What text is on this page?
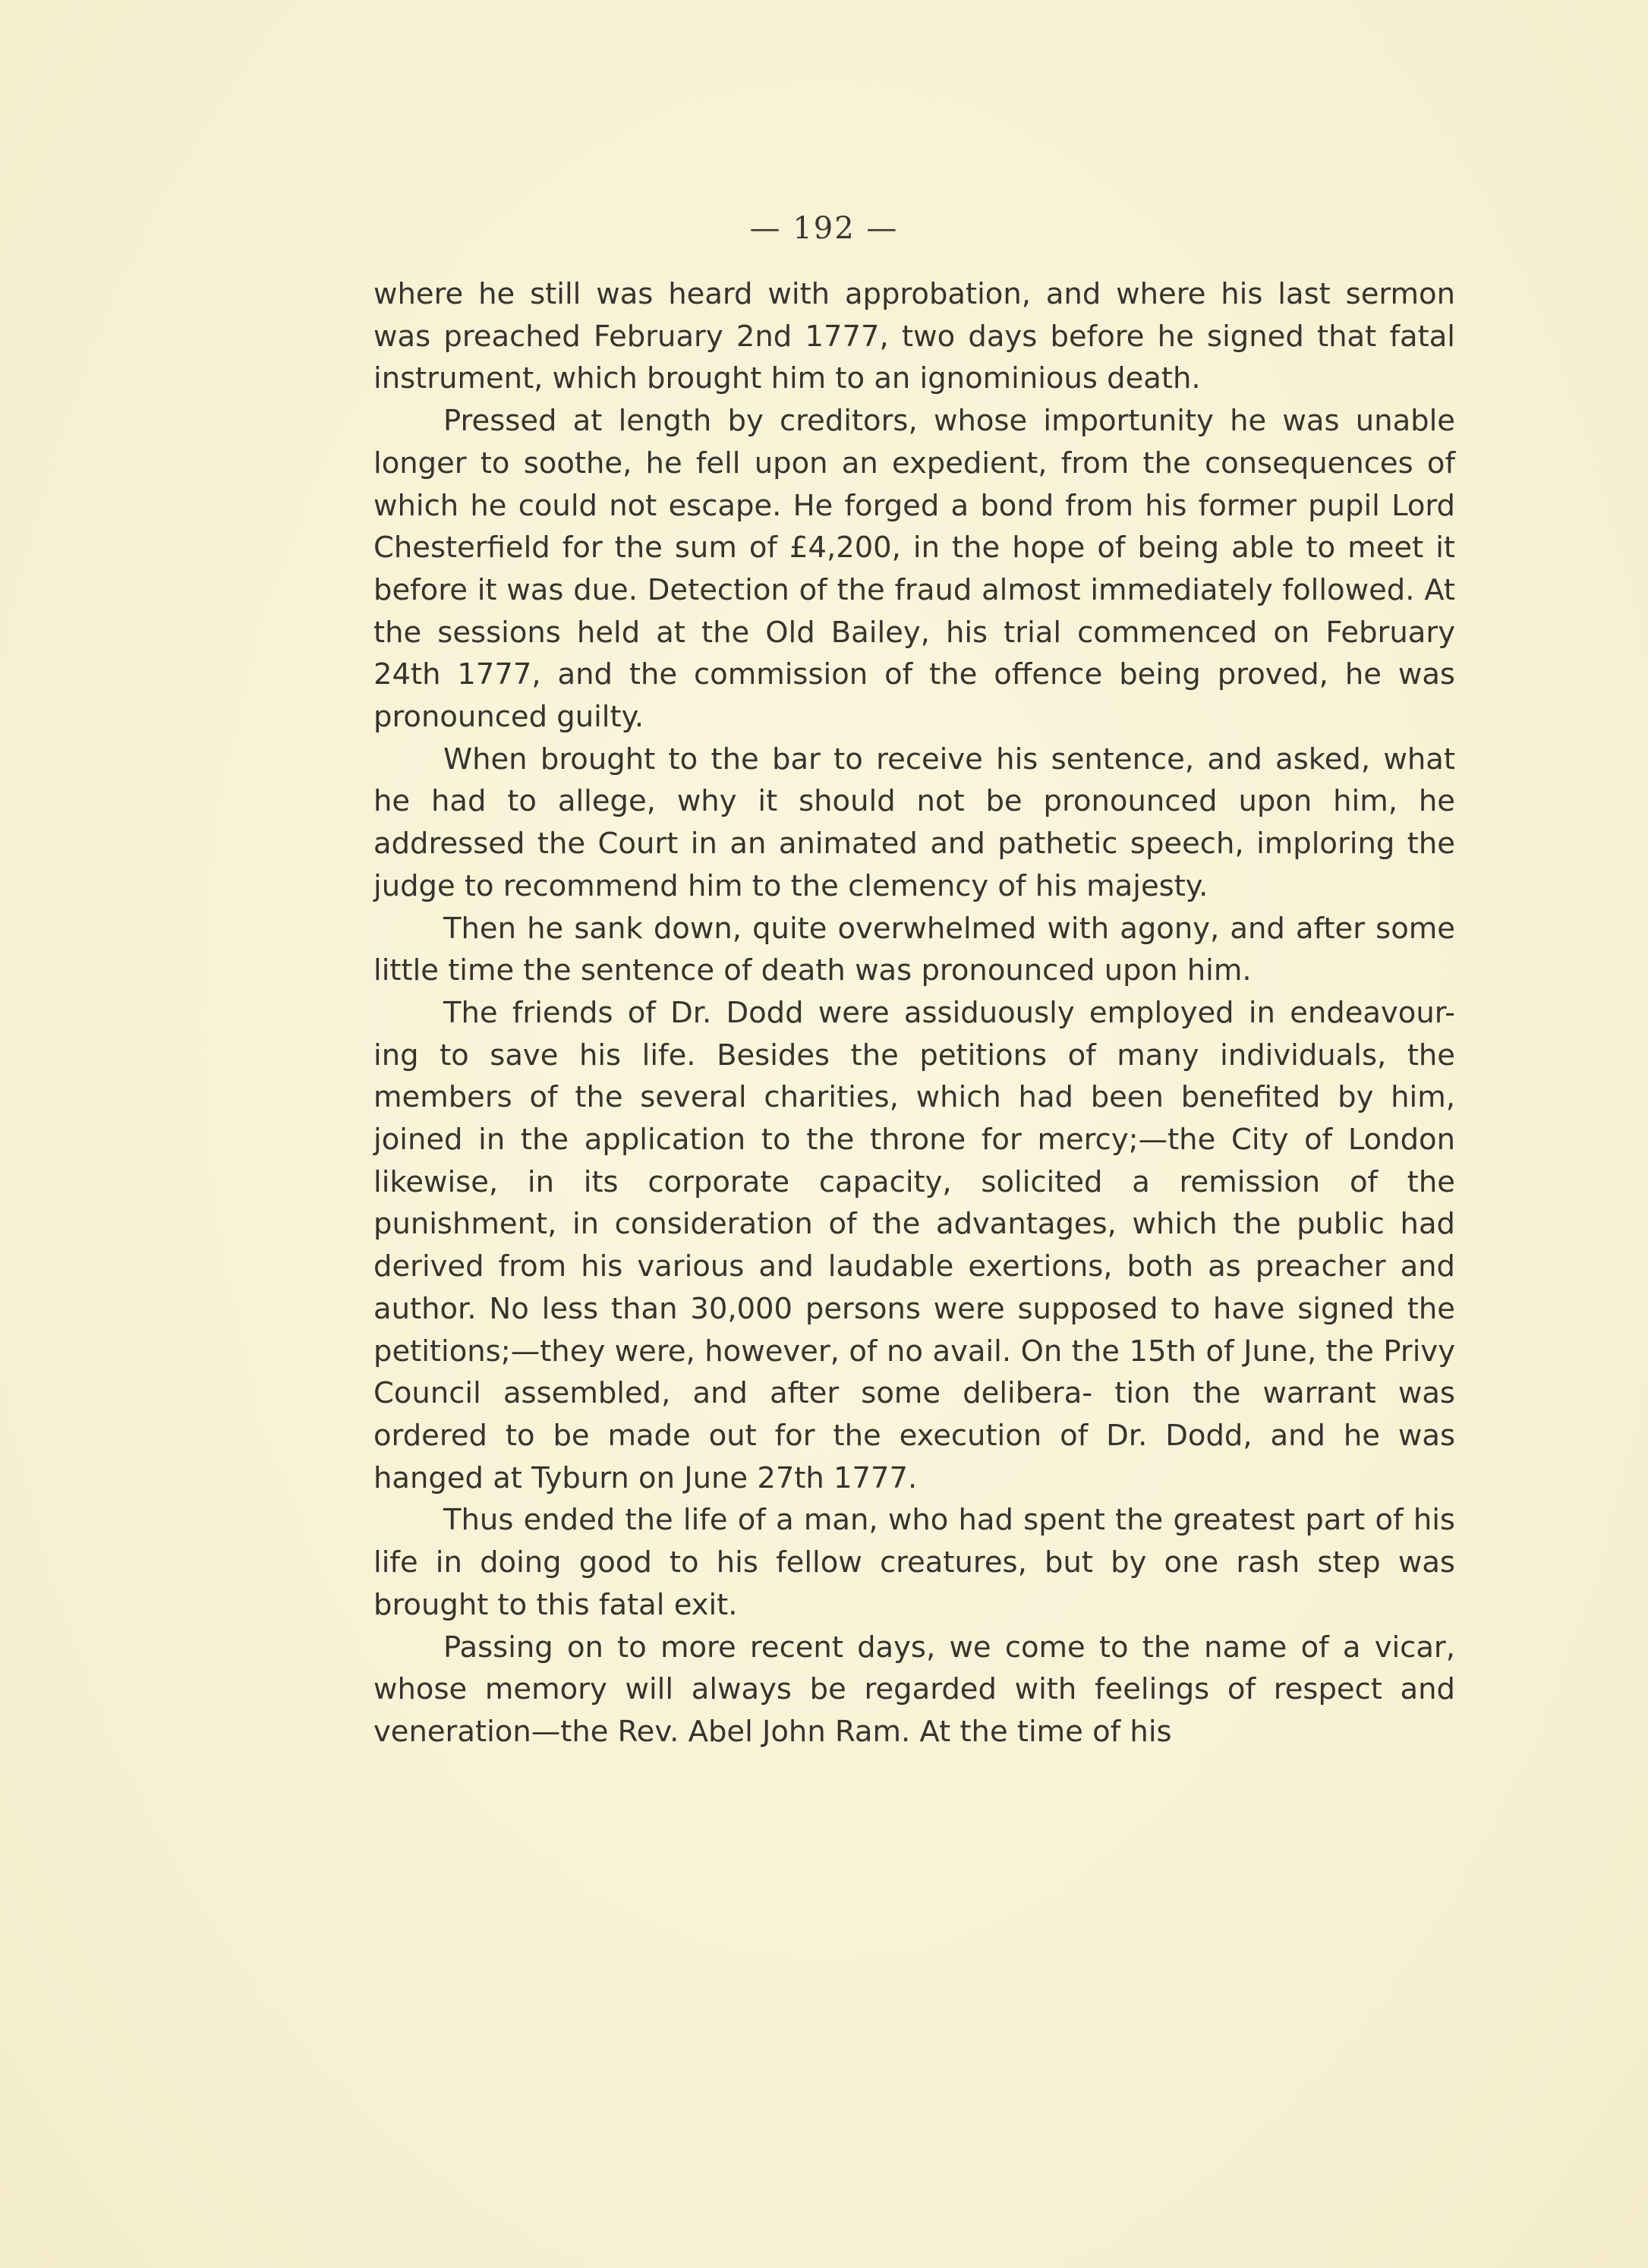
— 192 —

where he still was heard with approbation, and where his last sermon was preached February 2nd 1777, two days before he signed that fatal instrument, which brought him to an ignominious death.

Pressed at length by creditors, whose importunity he was unable longer to soothe, he fell upon an expedient, from the consequences of which he could not escape. He forged a bond from his former pupil Lord Chesterfield for the sum of £4,200, in the hope of being able to meet it before it was due. Detection of the fraud almost immediately followed. At the sessions held at the Old Bailey, his trial commenced on February 24th 1777, and the commission of the offence being proved, he was pronounced guilty.

When brought to the bar to receive his sentence, and asked, what he had to allege, why it should not be pronounced upon him, he addressed the Court in an animated and pathetic speech, imploring the judge to recommend him to the clemency of his majesty.

Then he sank down, quite overwhelmed with agony, and after some little time the sentence of death was pronounced upon him.

The friends of Dr. Dodd were assiduously employed in endeavour- ing to save his life. Besides the petitions of many individuals, the members of the several charities, which had been benefited by him, joined in the application to the throne for mercy;—the City of London likewise, in its corporate capacity, solicited a remission of the punishment, in consideration of the advantages, which the public had derived from his various and laudable exertions, both as preacher and author. No less than 30,000 persons were supposed to have signed the petitions;—they were, however, of no avail. On the 15th of June, the Privy Council assembled, and after some delibera- tion the warrant was ordered to be made out for the execution of Dr. Dodd, and he was hanged at Tyburn on June 27th 1777.

Thus ended the life of a man, who had spent the greatest part of his life in doing good to his fellow creatures, but by one rash step was brought to this fatal exit.

Passing on to more recent days, we come to the name of a vicar, whose memory will always be regarded with feelings of respect and veneration—the Rev. Abel John Ram. At the time of his
